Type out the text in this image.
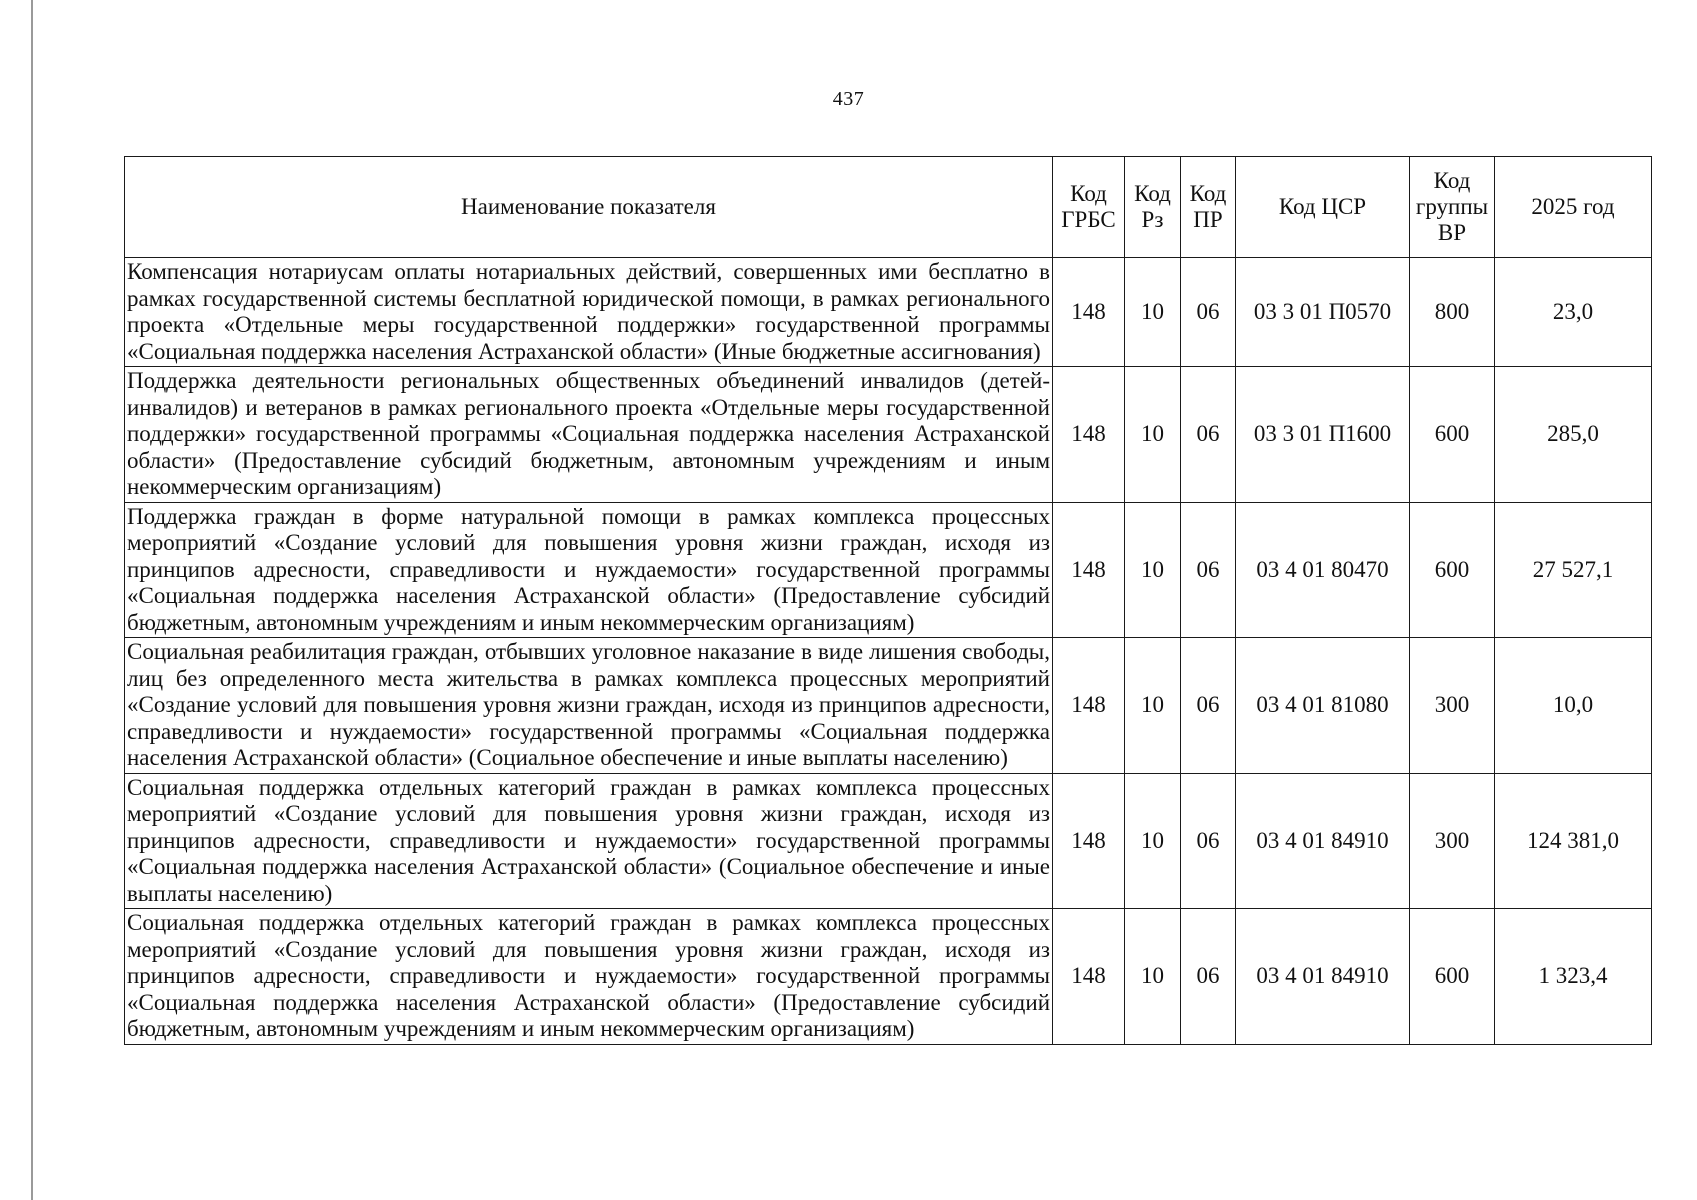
437
Наименование показателя	Код ГРБС	Код Рз	Код ПР	Код ЦСР	Код группы ВР	2025 год
Компенсация нотариусам оплаты нотариальных действий, совершенных ими бесплатно в рамках государственной системы бесплатной юридической помощи, в рамках регионального проекта «Отдельные меры государственной поддержки» государственной программы «Социальная поддержка населения Астраханской области» (Иные бюджетные ассигнования)	148	10	06	03 3 01 П0570	800	23,0
Поддержка деятельности региональных общественных объединений инвалидов (детей-инвалидов) и ветеранов в рамках регионального проекта «Отдельные меры государственной поддержки» государственной программы «Социальная поддержка населения Астраханской области» (Предоставление субсидий бюджетным, автономным учреждениям и иным некоммерческим организациям)	148	10	06	03 3 01 П1600	600	285,0
Поддержка граждан в форме натуральной помощи в рамках комплекса процессных мероприятий «Создание условий для повышения уровня жизни граждан, исходя из принципов адресности, справедливости и нуждаемости» государственной программы «Социальная поддержка населения Астраханской области» (Предоставление субсидий бюджетным, автономным учреждениям и иным некоммерческим организациям)	148	10	06	03 4 01 80470	600	27 527,1
Социальная реабилитация граждан, отбывших уголовное наказание в виде лишения свободы, лиц без определенного места жительства в рамках комплекса процессных мероприятий «Создание условий для повышения уровня жизни граждан, исходя из принципов адресности, справедливости и нуждаемости» государственной программы «Социальная поддержка населения Астраханской области» (Социальное обеспечение и иные выплаты населению)	148	10	06	03 4 01 81080	300	10,0
Социальная поддержка отдельных категорий граждан в рамках комплекса процессных мероприятий «Создание условий для повышения уровня жизни граждан, исходя из принципов адресности, справедливости и нуждаемости» государственной программы «Социальная поддержка населения Астраханской области» (Социальное обеспечение и иные выплаты населению)	148	10	06	03 4 01 84910	300	124 381,0
Социальная поддержка отдельных категорий граждан в рамках комплекса процессных мероприятий «Создание условий для повышения уровня жизни граждан, исходя из принципов адресности, справедливости и нуждаемости» государственной программы «Социальная поддержка населения Астраханской области» (Предоставление субсидий бюджетным, автономным учреждениям и иным некоммерческим организациям)	148	10	06	03 4 01 84910	600	1 323,4
